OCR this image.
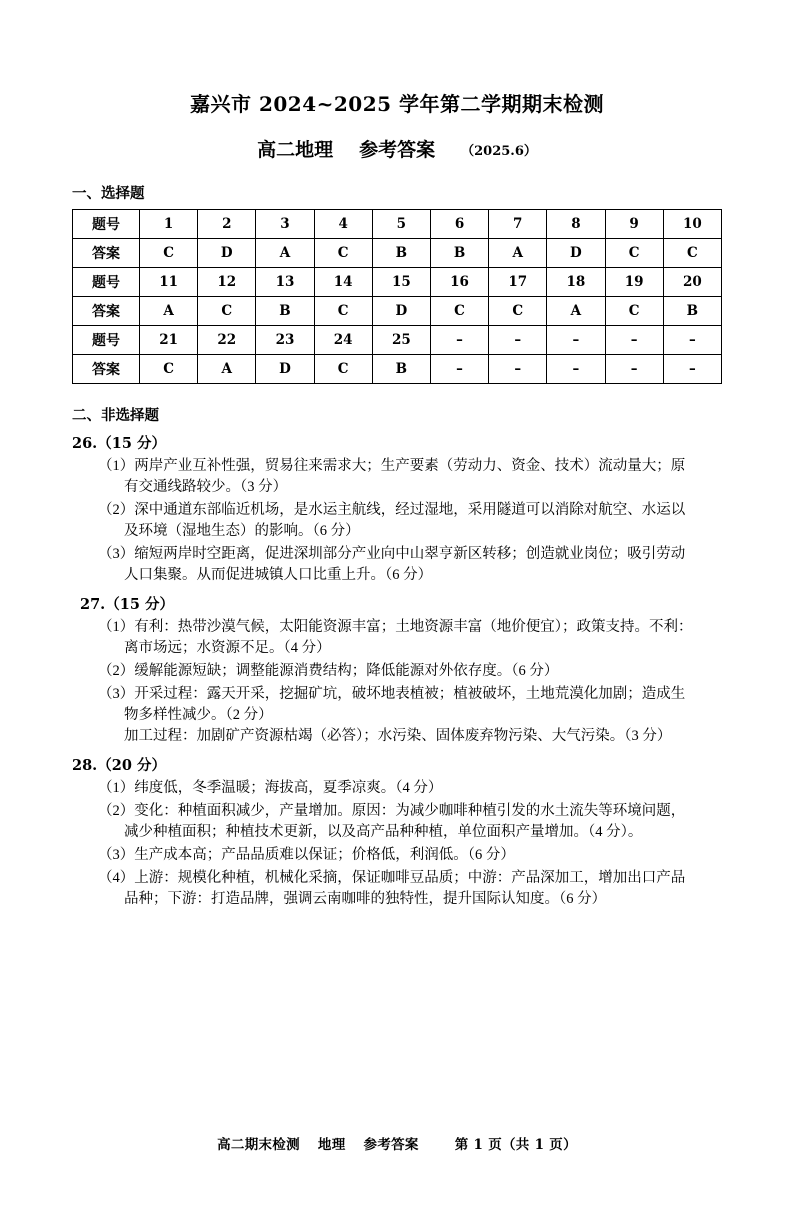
嘉兴市 2024~2025 学年第二学期期末检测
高二地理 参考答案 （2025.6）
一、选择题
题号	1	2	3	4	5	6	7	8	9	10
答案	C	D	A	C	B	B	A	D	C	C
题号	11	12	13	14	15	16	17	18	19	20
答案	A	C	B	C	D	C	C	A	C	B
题号	21	22	23	24	25	–	–	–	–	–
答案	C	A	D	C	B	–	–	–	–	–
二、非选择题
26.（15 分）
（1）两岸产业互补性强，贸易往来需求大；生产要素（劳动力、资金、技术）流动量大；原
有交通线路较少。（3 分）
（2）深中通道东部临近机场，是水运主航线，经过湿地，采用隧道可以消除对航空、水运以
及环境（湿地生态）的影响。（6 分）
（3）缩短两岸时空距离，促进深圳部分产业向中山翠亨新区转移；创造就业岗位；吸引劳动
人口集聚。从而促进城镇人口比重上升。（6 分）
27.（15 分）
（1）有利：热带沙漠气候，太阳能资源丰富；土地资源丰富（地价便宜）；政策支持。不利：
离市场远；水资源不足。（4 分）
（2）缓解能源短缺；调整能源消费结构；降低能源对外依存度。（6 分）
（3）开采过程：露天开采，挖掘矿坑，破坏地表植被；植被破坏，土地荒漠化加剧；造成生
物多样性减少。（2 分）
加工过程：加剧矿产资源枯竭（必答）；水污染、固体废弃物污染、大气污染。（3 分）
28.（20 分）
（1）纬度低，冬季温暖；海拔高，夏季凉爽。（4 分）
（2）变化：种植面积减少，产量增加。原因：为减少咖啡种植引发的水土流失等环境问题，
减少种植面积；种植技术更新，以及高产品种种植，单位面积产量增加。（4 分）。
（3）生产成本高；产品品质难以保证；价格低，利润低。（6 分）
（4）上游：规模化种植，机械化采摘，保证咖啡豆品质；中游：产品深加工，增加出口产品
品种；下游：打造品牌，强调云南咖啡的独特性，提升国际认知度。（6 分）
高二期末检测 地理 参考答案	第 1 页（共 1 页）
